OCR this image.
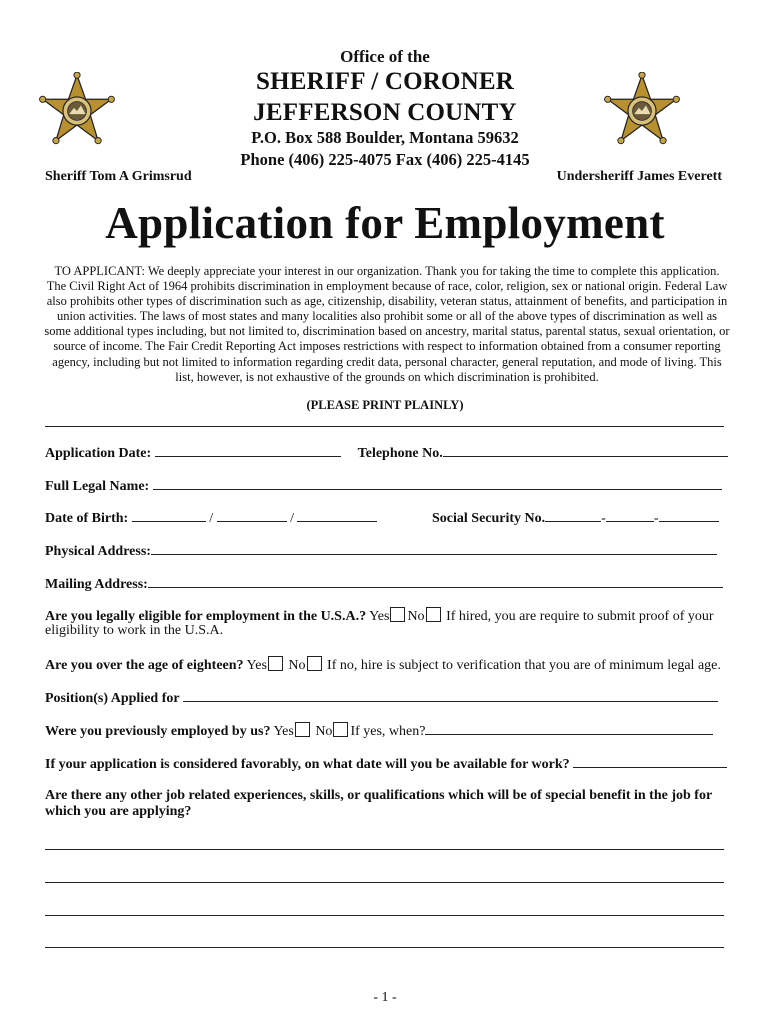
Office of the
SHERIFF / CORONER
JEFFERSON COUNTY
P.O. Box 588 Boulder, Montana 59632
Phone (406) 225-4075 Fax (406) 225-4145
Sheriff Tom A Grimsrud	Undersheriff James Everett
Application for Employment
TO APPLICANT: We deeply appreciate your interest in our organization. Thank you for taking the time to complete this application. The Civil Right Act of 1964 prohibits discrimination in employment because of race, color, religion, sex or national origin. Federal Law also prohibits other types of discrimination such as age, citizenship, disability, veteran status, attainment of benefits, and participation in union activities. The laws of most states and many localities also prohibit some or all of the above types of discrimination as well as some additional types including, but not limited to, discrimination based on ancestry, marital status, parental status, sexual orientation, or source of income. The Fair Credit Reporting Act imposes restrictions with respect to information obtained from a consumer reporting agency, including but not limited to information regarding credit data, personal character, general reputation, and mode of living. This list, however, is not exhaustive of the grounds on which discrimination is prohibited.
(PLEASE PRINT PLAINLY)
Application Date:	Telephone No.
Full Legal Name:
Date of Birth:	/	/	Social Security No.	-	-
Physical Address:
Mailing Address:
Are you legally eligible for employment in the U.S.A.? Yes No If hired, you are require to submit proof of your
eligibility to work in the U.S.A.
Are you over the age of eighteen? Yes No If no, hire is subject to verification that you are of minimum legal age.
Position(s) Applied for
Were you previously employed by us? Yes No If yes, when?
If your application is considered favorably, on what date will you be available for work?
Are there any other job related experiences, skills, or qualifications which will be of special benefit in the job for
which you are applying?
- 1 -
